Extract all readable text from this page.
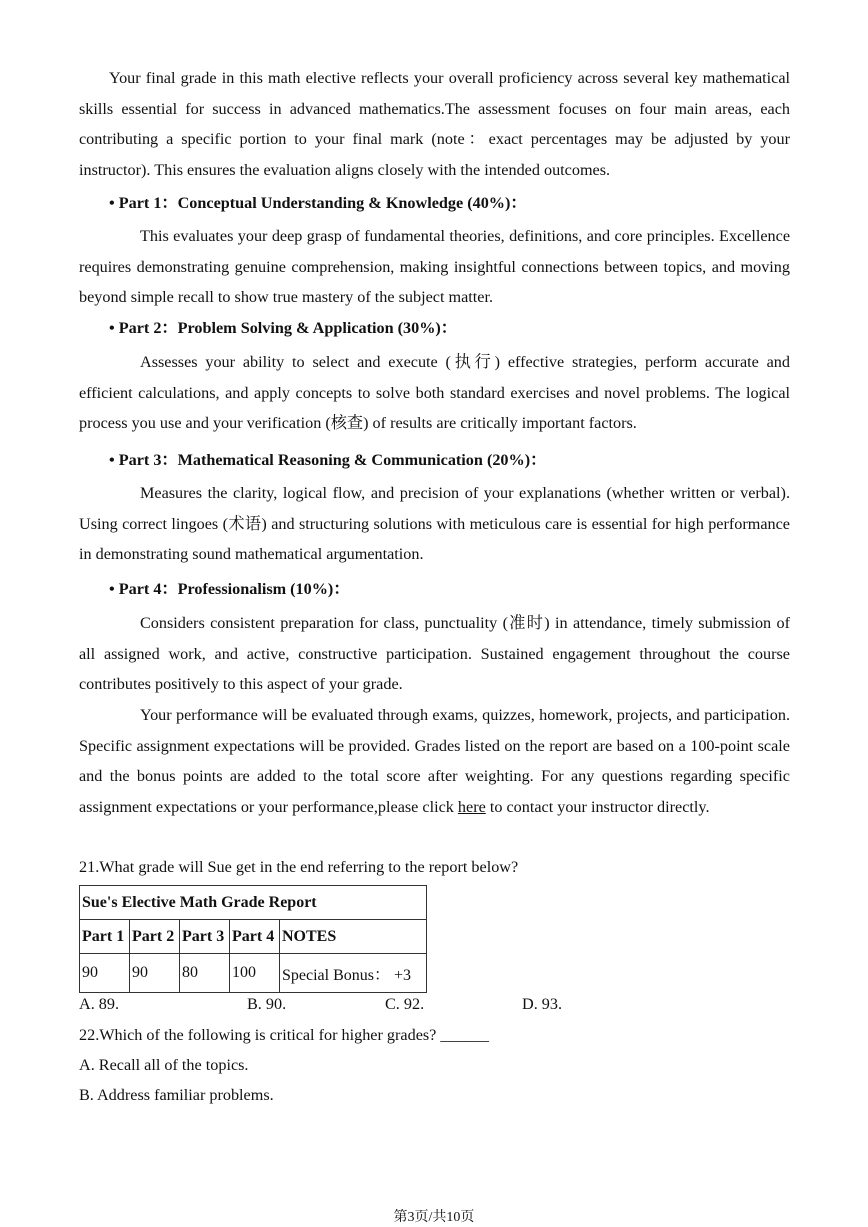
Your final grade in this math elective reflects your overall proficiency across several key mathematical skills essential for success in advanced mathematics.The assessment focuses on four main areas, each contributing a specific portion to your final mark (note：exact percentages may be adjusted by your instructor). This ensures the evaluation aligns closely with the intended outcomes.

• Part 1：Conceptual Understanding & Knowledge (40%)：

This evaluates your deep grasp of fundamental theories, definitions, and core principles. Excellence requires demonstrating genuine comprehension, making insightful connections between topics, and moving beyond simple recall to show true mastery of the subject matter.

• Part 2：Problem Solving & Application (30%)：

Assesses your ability to select and execute (执行) effective strategies, perform accurate and efficient calculations, and apply concepts to solve both standard exercises and novel problems. The logical process you use and your verification (核查) of results are critically important factors.

• Part 3：Mathematical Reasoning & Communication (20%)：

Measures the clarity, logical flow, and precision of your explanations (whether written or verbal). Using correct lingoes (术语) and structuring solutions with meticulous care is essential for high performance in demonstrating sound mathematical argumentation.

• Part 4：Professionalism (10%)：

Considers consistent preparation for class, punctuality (准时) in attendance, timely submission of all assigned work, and active, constructive participation. Sustained engagement throughout the course contributes positively to this aspect of your grade.

Your performance will be evaluated through exams, quizzes, homework, projects, and participation. Specific assignment expectations will be provided. Grades listed on the report are based on a 100-point scale and the bonus points are added to the total score after weighting. For any questions regarding specific assignment expectations or your performance,please click here to contact your instructor directly.

21.What grade will Sue get in the end referring to the report below?
Sue's Elective Math Grade Report				
Part 1	Part 2	Part 3	Part 4	NOTES
90	90	80	100	Special Bonus： +3
A. 89.	B. 90.	C. 92.	D. 93.
22.Which of the following is critical for higher grades? ______
A. Recall all of the topics.
B. Address familiar problems.
第3页/共10页
